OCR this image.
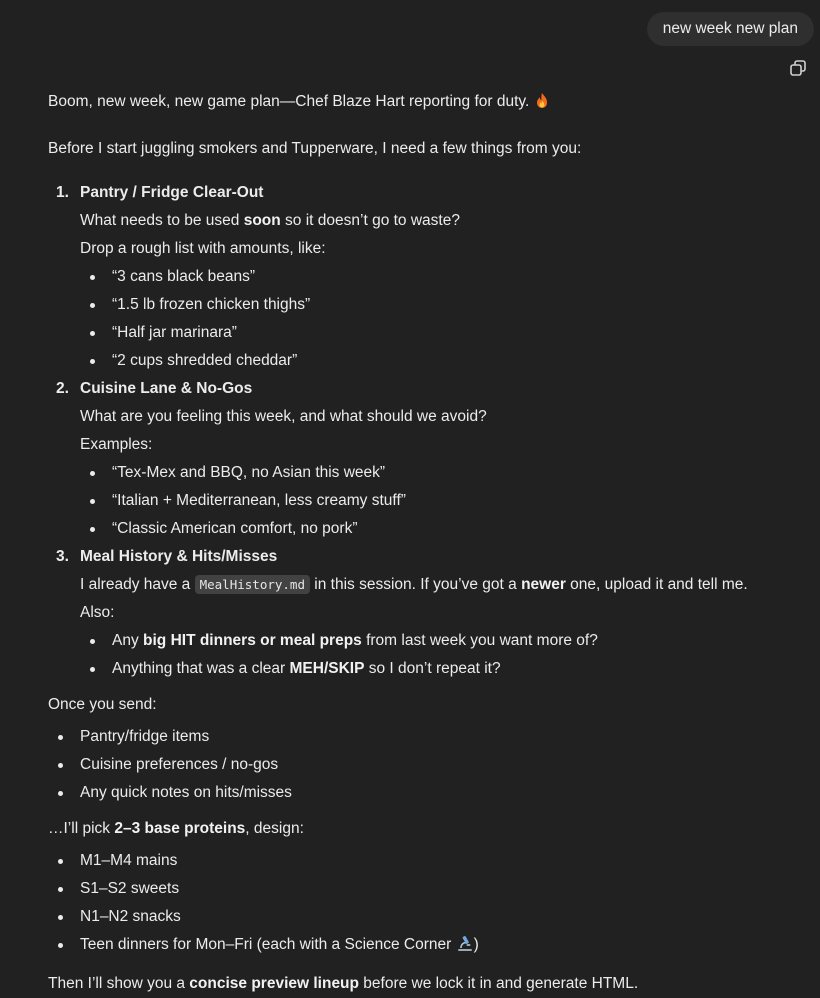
new week new plan

Boom, new week, new game plan—Chef Blaze Hart reporting for duty.

Before I start juggling smokers and Tupperware, I need a few things from you:

1. Pantry / Fridge Clear-Out
What needs to be used soon so it doesn’t go to waste?
Drop a rough list with amounts, like:
“3 cans black beans”
“1.5 lb frozen chicken thighs”
“Half jar marinara”
“2 cups shredded cheddar”
2. Cuisine Lane & No-Gos
What are you feeling this week, and what should we avoid?
Examples:
“Tex-Mex and BBQ, no Asian this week”
“Italian + Mediterranean, less creamy stuff”
“Classic American comfort, no pork”
3. Meal History & Hits/Misses
I already have a MealHistory.md in this session. If you’ve got a newer one, upload it and tell me.
Also:
Any big HIT dinners or meal preps from last week you want more of?
Anything that was a clear MEH/SKIP so I don’t repeat it?

Once you send:

Pantry/fridge items
Cuisine preferences / no-gos
Any quick notes on hits/misses

…I’ll pick 2–3 base proteins, design:

M1–M4 mains
S1–S2 sweets
N1–N2 snacks
Teen dinners for Mon–Fri (each with a Science Corner )

Then I’ll show you a concise preview lineup before we lock it in and generate HTML.
